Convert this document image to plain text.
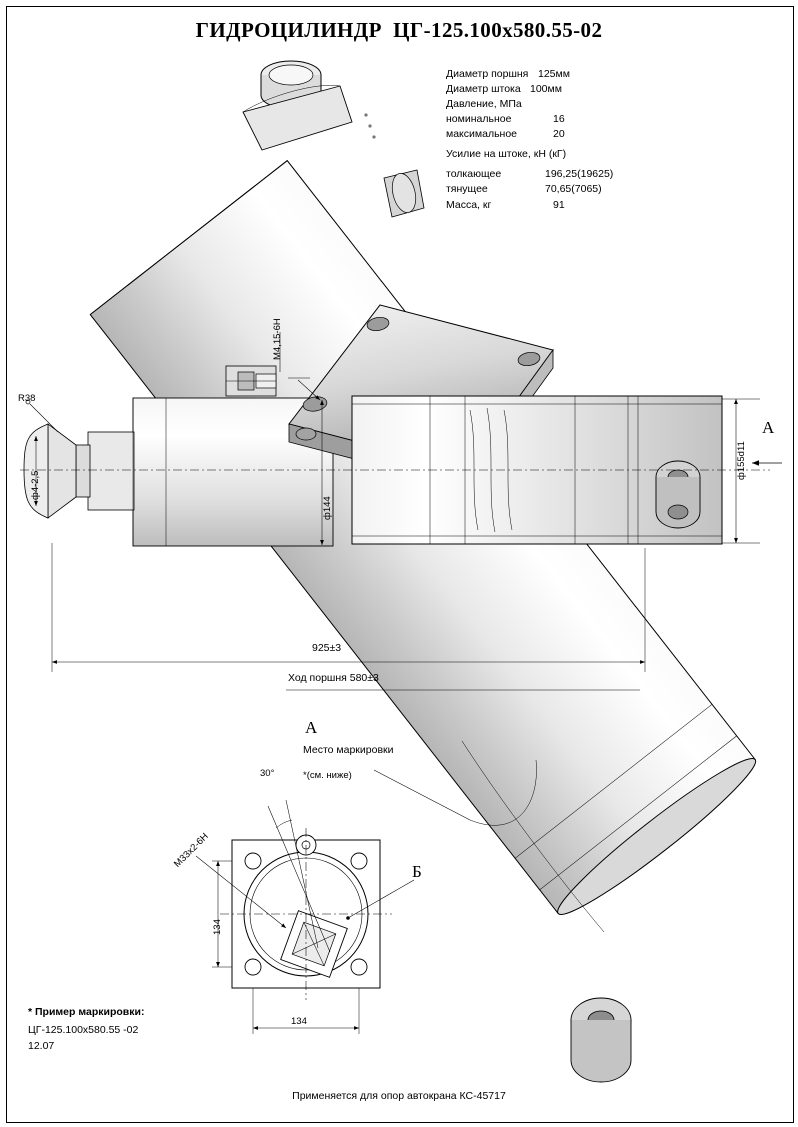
ГИДРОЦИЛИНДР  ЦГ-125.100х580.55-02
Диаметр поршня 125мм
Диаметр штока 100мм
Давление, МПа
номинальное	16
максимальное	20
Усилие на штоке, кН (кГ)
толкающее	196,25(19625)
тянущее	70,65(7065)
Масса, кг	91
925±3
Ход поршня 580±3
ф144
ф155d11
ф4-2,5
R38
М4,15-6Н
А
А
Б
30°
М33х2-6Н
134
134
Место маркировки
*(см. ниже)
* Пример маркировки:
ЦГ-125.100х580.55 -02
12.07
Применяется для опор автокрана КС-45717
